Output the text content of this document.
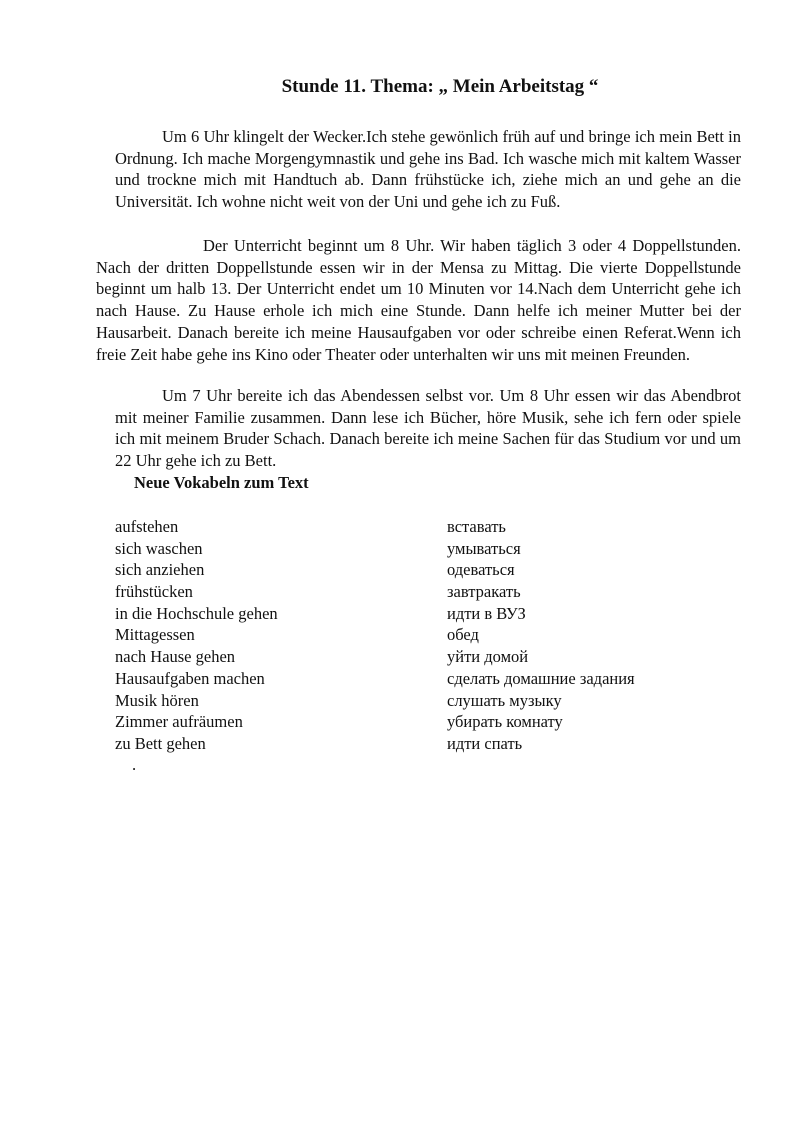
Stunde 11. Thema: „ Mein Arbeitstag “

Um 6 Uhr klingelt der Wecker.Ich stehe gewönlich früh auf und bringe ich mein Bett in Ordnung. Ich mache Morgengymnastik und gehe ins Bad. Ich wasche mich mit kaltem Wasser und trockne mich mit Handtuch ab. Dann frühstücke ich, ziehe mich an und gehe an die Universität. Ich wohne nicht weit von der Uni und gehe ich zu Fuß.

Der Unterricht beginnt um 8 Uhr. Wir haben täglich 3 oder 4 Doppellstunden. Nach der dritten Doppellstunde essen wir in der Mensa zu Mittag. Die vierte Doppellstunde beginnt um halb 13. Der Unterricht endet um 10 Minuten vor 14.Nach dem Unterricht gehe ich nach Hause. Zu Hause erhole ich mich eine Stunde. Dann helfe ich meiner Mutter bei der Hausarbeit. Danach bereite ich meine Hausaufgaben vor oder schreibe einen Referat.Wenn ich freie Zeit habe gehe ins Kino oder Theater oder unterhalten wir uns mit meinen Freunden.

Um 7 Uhr bereite ich das Abendessen selbst vor. Um 8 Uhr essen wir das Abendbrot mit meiner Familie zusammen. Dann lese ich Bücher, höre Musik, sehe ich fern oder spiele ich mit meinem Bruder Schach. Danach bereite ich meine Sachen für das Studium vor und um 22 Uhr gehe ich zu Bett.

Neue Vokabeln zum Text
aufstehen	вставать
sich waschen	умываться
sich anziehen	одеваться
frühstücken	завтракать
in die Hochschule gehen	идти в ВУЗ
Mittagessen	обед
nach Hause gehen	уйти домой
Hausaufgaben machen	сделать домашние задания
Musik hören	слушать музыку
Zimmer aufräumen	убирать комнату
zu Bett gehen	идти спать
.
